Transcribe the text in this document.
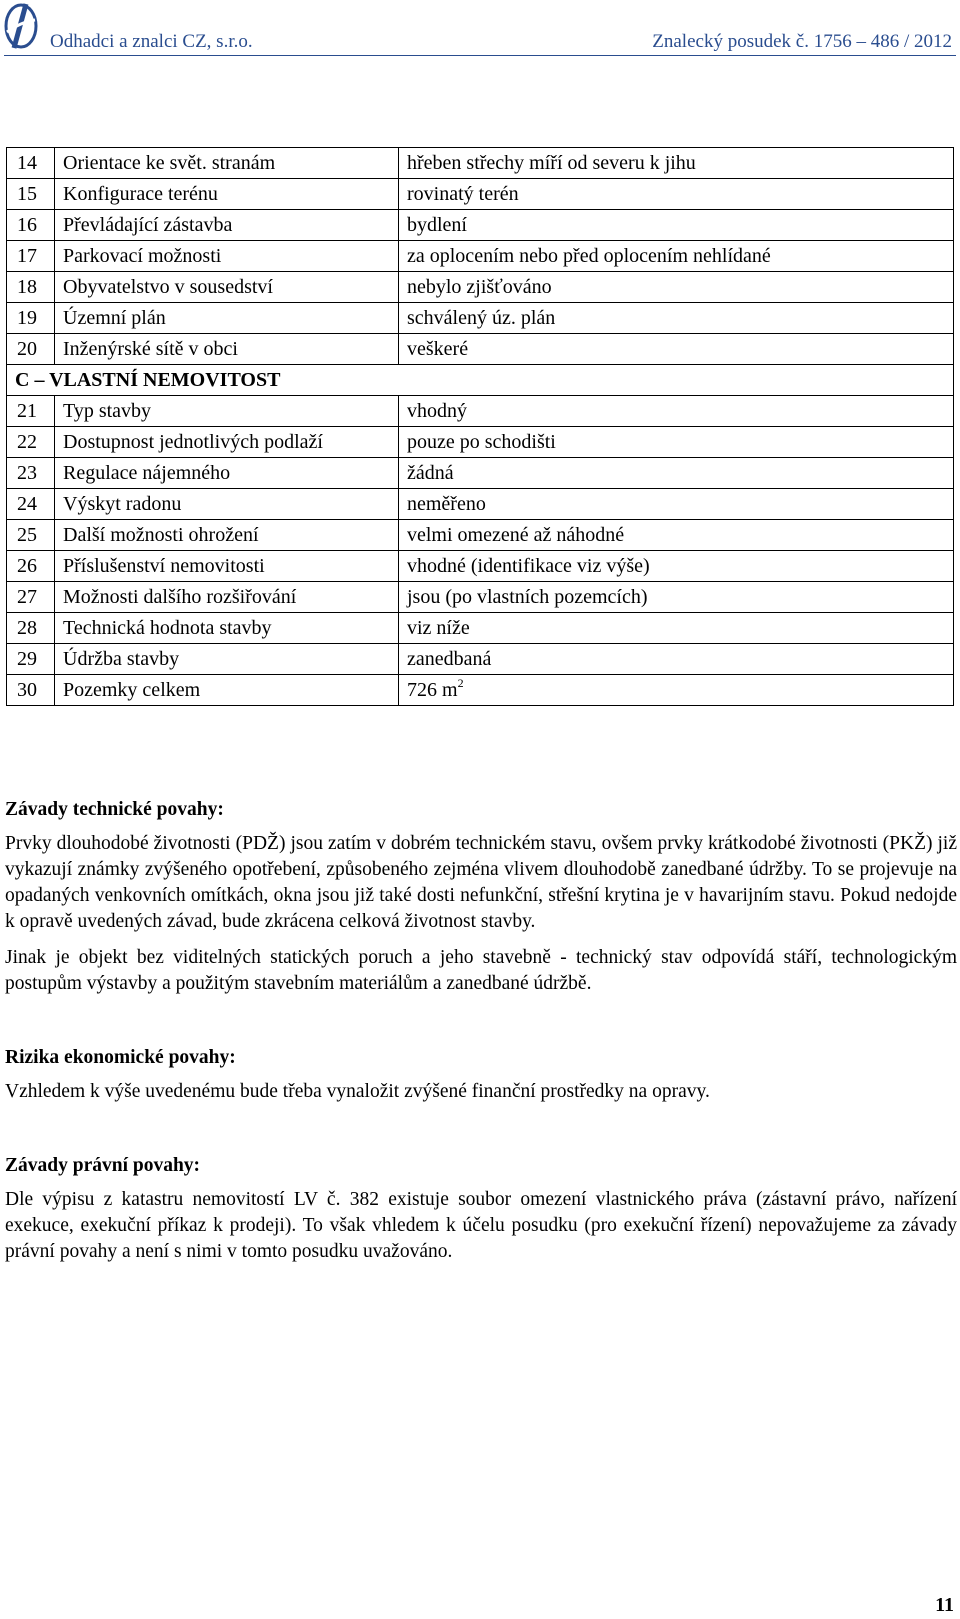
Odhadci a znalci CZ, s.r.o.	Znalecký posudek č. 1756 – 486 / 2012
14	Orientace ke svět. stranám	hřeben střechy míří od severu k jihu
15	Konfigurace terénu	rovinatý terén
16	Převládající zástavba	bydlení
17	Parkovací možnosti	za oplocením nebo před oplocením nehlídané
18	Obyvatelstvo v sousedství	nebylo zjišťováno
19	Územní plán	schválený úz. plán
20	Inženýrské sítě v obci	veškeré
C – VLASTNÍ NEMOVITOST		
21	Typ stavby	vhodný
22	Dostupnost jednotlivých podlaží	pouze po schodišti
23	Regulace nájemného	žádná
24	Výskyt radonu	neměřeno
25	Další možnosti ohrožení	velmi omezené až náhodné
26	Příslušenství nemovitosti	vhodné (identifikace viz výše)
27	Možnosti dalšího rozšiřování	jsou (po vlastních pozemcích)
28	Technická hodnota stavby	viz níže
29	Údržba stavby	zanedbaná
30	Pozemky celkem	726 $m^2$
Závady technické povahy:
Prvky dlouhodobé životnosti (PDŽ) jsou zatím v dobrém technickém stavu, ovšem prvky krátkodobé životnosti (PKŽ) již vykazují známky zvýšeného opotřebení, způsobeného zejména vlivem dlouhodobě zanedbané údržby. To se projevuje na opadaných venkovních omítkách, okna jsou již také dosti nefunkční, střešní krytina je v havarijním stavu. Pokud nedojde k opravě uvedených závad, bude zkrácena celková životnost stavby.
Jinak je objekt bez viditelných statických poruch a jeho stavebně - technický stav odpovídá stáří, technologickým postupům výstavby a použitým stavebním materiálům a zanedbané údržbě.
Rizika ekonomické povahy:
Vzhledem k výše uvedenému bude třeba vynaložit zvýšené finanční prostředky na opravy.
Závady právní povahy:
Dle výpisu z katastru nemovitostí LV č. 382 existuje soubor omezení vlastnického práva (zástavní právo, nařízení exekuce, exekuční příkaz k prodeji). To však vhledem k účelu posudku (pro exekuční řízení) nepovažujeme za závady právní povahy a není s nimi v tomto posudku uvažováno.
11
